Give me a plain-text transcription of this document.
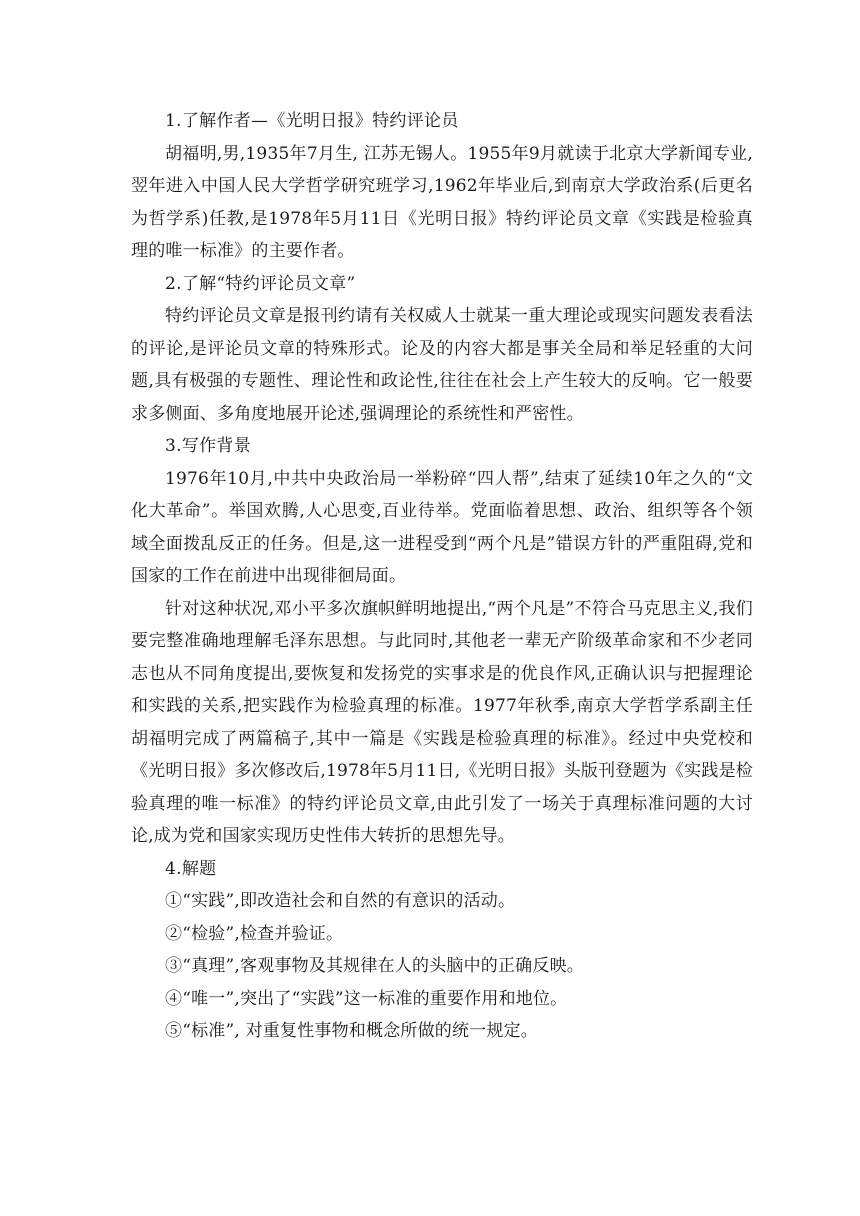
1.了解作者—《光明日报》特约评论员

胡福明,男,1935年7月生, 江苏无锡人。1955年9月就读于北京大学新闻专业,翌年进入中国人民大学哲学研究班学习,1962年毕业后,到南京大学政治系(后更名为哲学系)任教,是1978年5月11日《光明日报》特约评论员文章《实践是检验真理的唯一标准》的主要作者。

2.了解“特约评论员文章”

特约评论员文章是报刊约请有关权威人士就某一重大理论或现实问题发表看法的评论,是评论员文章的特殊形式。论及的内容大都是事关全局和举足轻重的大问题,具有极强的专题性、理论性和政论性,往往在社会上产生较大的反响。它一般要求多侧面、多角度地展开论述,强调理论的系统性和严密性。

3.写作背景

1976年10月,中共中央政治局一举粉碎“四人帮”,结束了延续10年之久的“文化大革命”。举国欢腾,人心思变,百业待举。党面临着思想、政治、组织等各个领域全面拨乱反正的任务。但是,这一进程受到“两个凡是”错误方针的严重阻碍,党和国家的工作在前进中出现徘徊局面。

针对这种状况,邓小平多次旗帜鲜明地提出,“两个凡是”不符合马克思主义,我们要完整准确地理解毛泽东思想。与此同时,其他老一辈无产阶级革命家和不少老同志也从不同角度提出,要恢复和发扬党的实事求是的优良作风,正确认识与把握理论和实践的关系,把实践作为检验真理的标准。1977年秋季,南京大学哲学系副主任胡福明完成了两篇稿子,其中一篇是《实践是检验真理的标准》。经过中央党校和《光明日报》多次修改后,1978年5月11日,《光明日报》头版刊登题为《实践是检验真理的唯一标准》的特约评论员文章,由此引发了一场关于真理标准问题的大讨论,成为党和国家实现历史性伟大转折的思想先导。

4.解题

①“实践”,即改造社会和自然的有意识的活动。

②“检验”,检查并验证。

③“真理”,客观事物及其规律在人的头脑中的正确反映。

④“唯一”,突出了“实践”这一标准的重要作用和地位。

⑤“标准”, 对重复性事物和概念所做的统一规定。
